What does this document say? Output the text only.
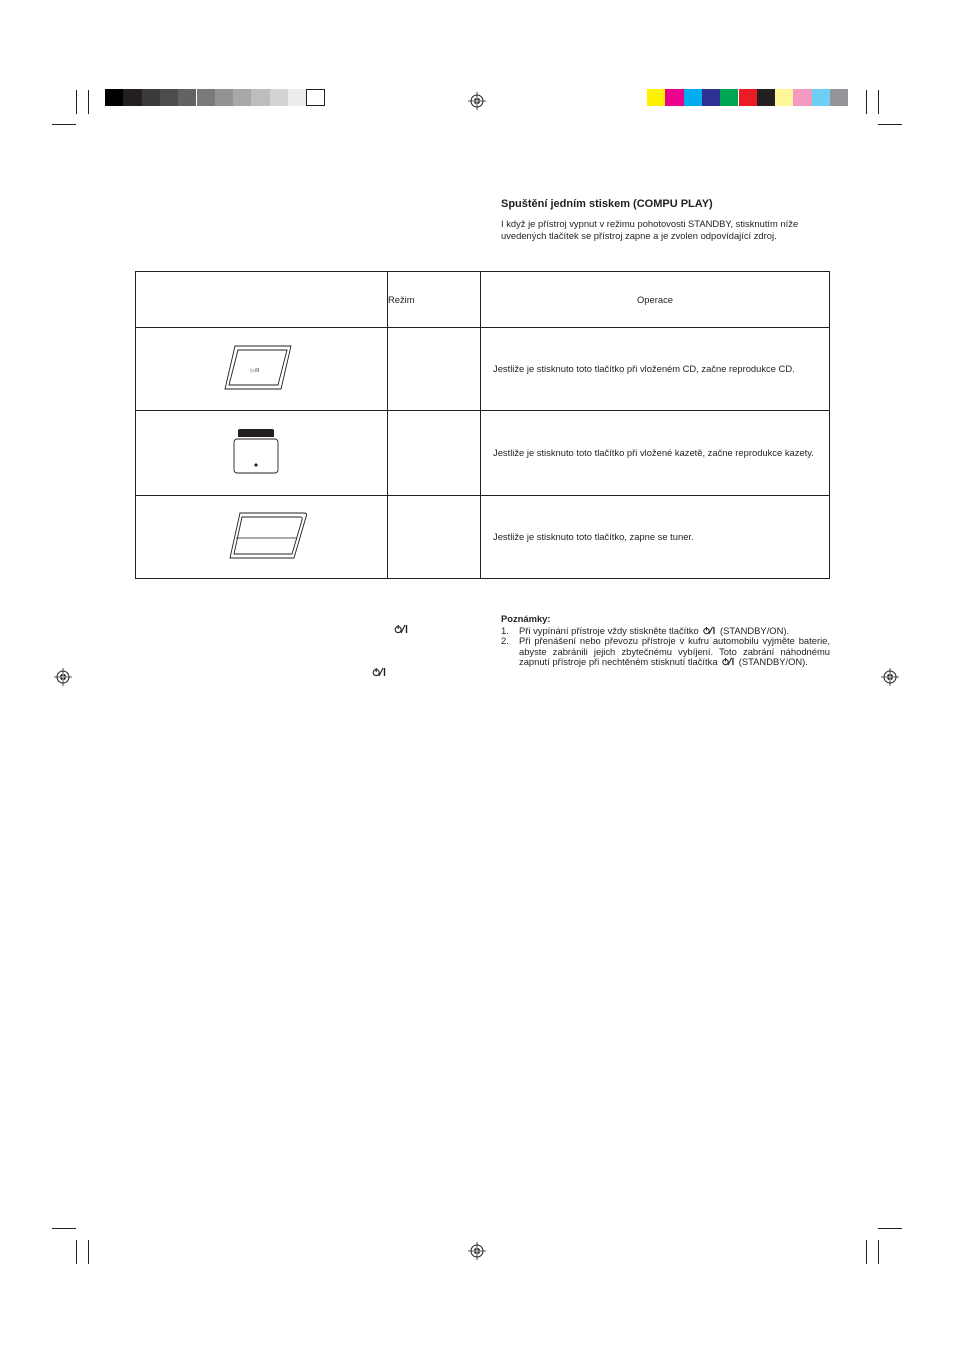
Spuštění jedním stiskem (COMPU PLAY)

I když je přístroj vypnut v režimu pohotovosti STANDBY, stisknutím níže uvedených tlačítek se přístroj zapne a je zvolen odpovídající zdroj.

	Režim	Operace

▷/II		Jestliže je stisknuto toto tlačítko při vloženém CD, začne reprodukce CD.
		Jestliže je stisknuto toto tlačítko při vložené kazetě, začne reprodukce kazety.
		Jestliže je stisknuto toto tlačítko, zapne se tuner.
Poznámky:
1. Při vypínání přístroje vždy stiskněte tlačítko (STANDBY/ON).
2. Při přenášení nebo převozu přístroje v kufru automobilu vyjměte baterie, abyste zabránili jejich zbytečnému vybíjení. Toto zabrání náhodnému zapnutí přístroje při nechtěném stisknutí tlačítka (STANDBY/ON).
